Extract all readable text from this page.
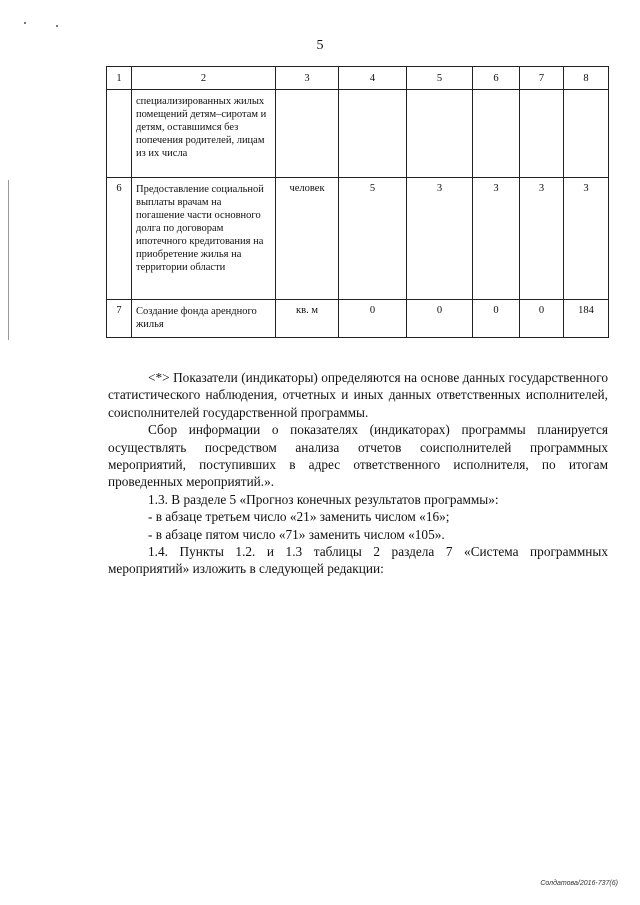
5
1	2	3	4	5	6	7	8
	специализированных жилых помещений детям–сиротам и детям, оставшимся без попечения родителей, лицам из их числа						
6	Предоставление социальной выплаты врачам на погашение части основного долга по договорам ипотечного кредитования на приобретение жилья на территории области	человек	5	3	3	3	3
7	Создание фонда арендного жилья	кв. м	0	0	0	0	184

<*> Показатели (индикаторы) определяются на основе данных государственного статистического наблюдения, отчетных и иных данных ответственных исполнителей, соисполнителей государственной программы.

Сбор информации о показателях (индикаторах) программы планируется осуществлять посредством анализа отчетов соисполнителей программных мероприятий, поступивших в адрес ответственного исполнителя, по итогам проведенных мероприятий.».

1.3. В разделе 5 «Прогноз конечных результатов программы»:

- в абзаце третьем число «21» заменить числом «16»;

- в абзаце пятом число «71» заменить числом «105».

1.4. Пункты 1.2. и 1.3 таблицы 2 раздела 7 «Система программных мероприятий» изложить в следующей редакции:

Солдатова/2016-737(6)
